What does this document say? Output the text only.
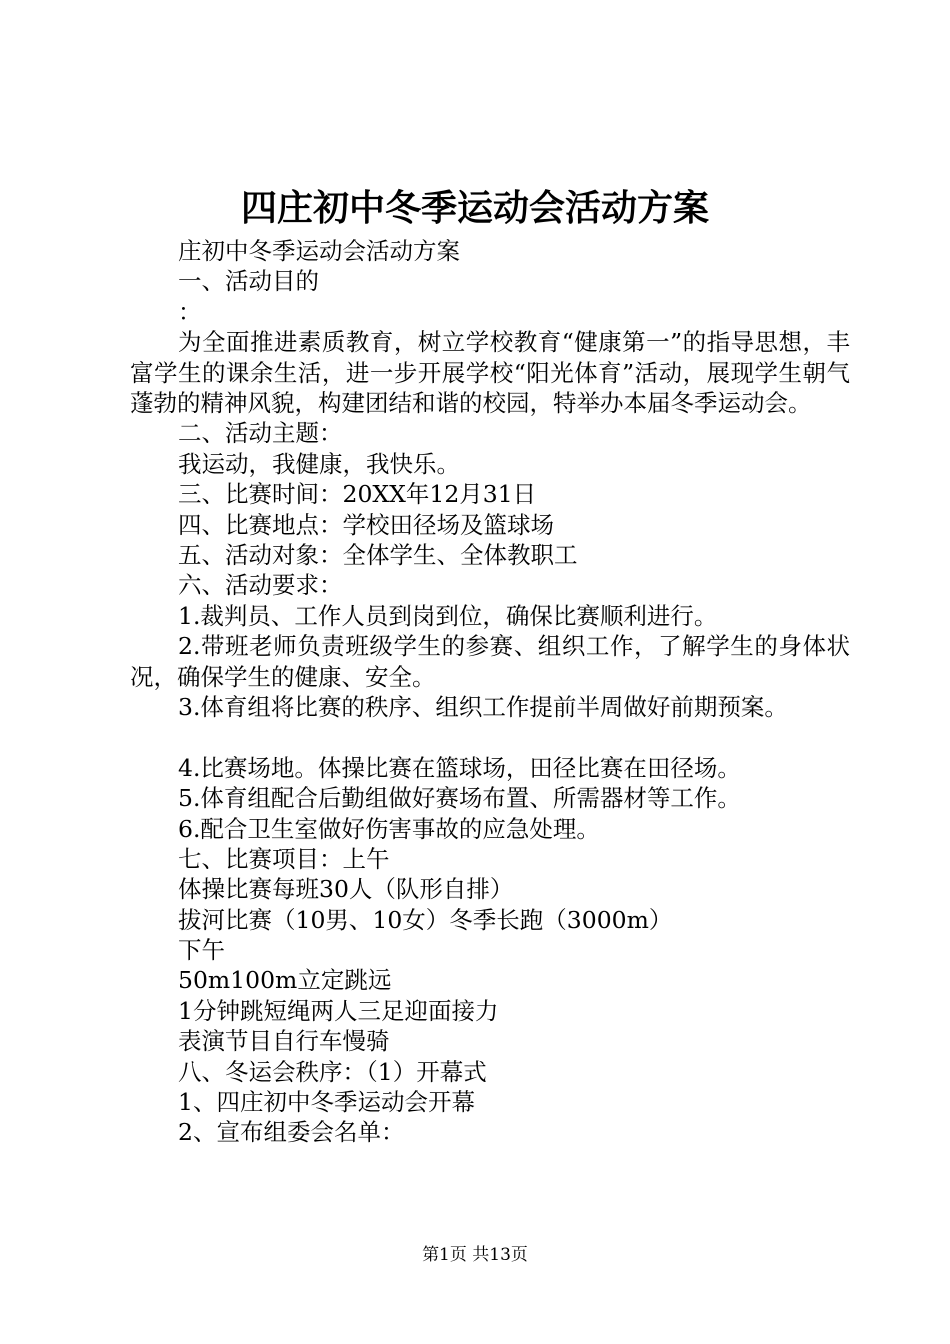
四庄初中冬季运动会活动方案
庄初中冬季运动会活动方案
一、活动目的
：
为全面推进素质教育，树立学校教育“健康第一”的指导思想，丰富学生的课余生活，进一步开展学校“阳光体育”活动，展现学生朝气蓬勃的精神风貌，构建团结和谐的校园，特举办本届冬季运动会。
二、活动主题：
我运动，我健康，我快乐。
三、比赛时间：20XX年12月31日
四、比赛地点：学校田径场及篮球场
五、活动对象：全体学生、全体教职工
六、活动要求：
1.裁判员、工作人员到岗到位，确保比赛顺利进行。
2.带班老师负责班级学生的参赛、组织工作，了解学生的身体状况，确保学生的健康、安全。
3.体育组将比赛的秩序、组织工作提前半周做好前期预案。
4.比赛场地。体操比赛在篮球场，田径比赛在田径场。
5.体育组配合后勤组做好赛场布置、所需器材等工作。
6.配合卫生室做好伤害事故的应急处理。
七、比赛项目：上午
体操比赛每班30人（队形自排）
拔河比赛（10男、10女）冬季长跑（3000m）
下午
50m100m立定跳远
1分钟跳短绳两人三足迎面接力
表演节目自行车慢骑
八、冬运会秩序：（1）开幕式
1、四庄初中冬季运动会开幕
2、宣布组委会名单：
第1页 共13页
